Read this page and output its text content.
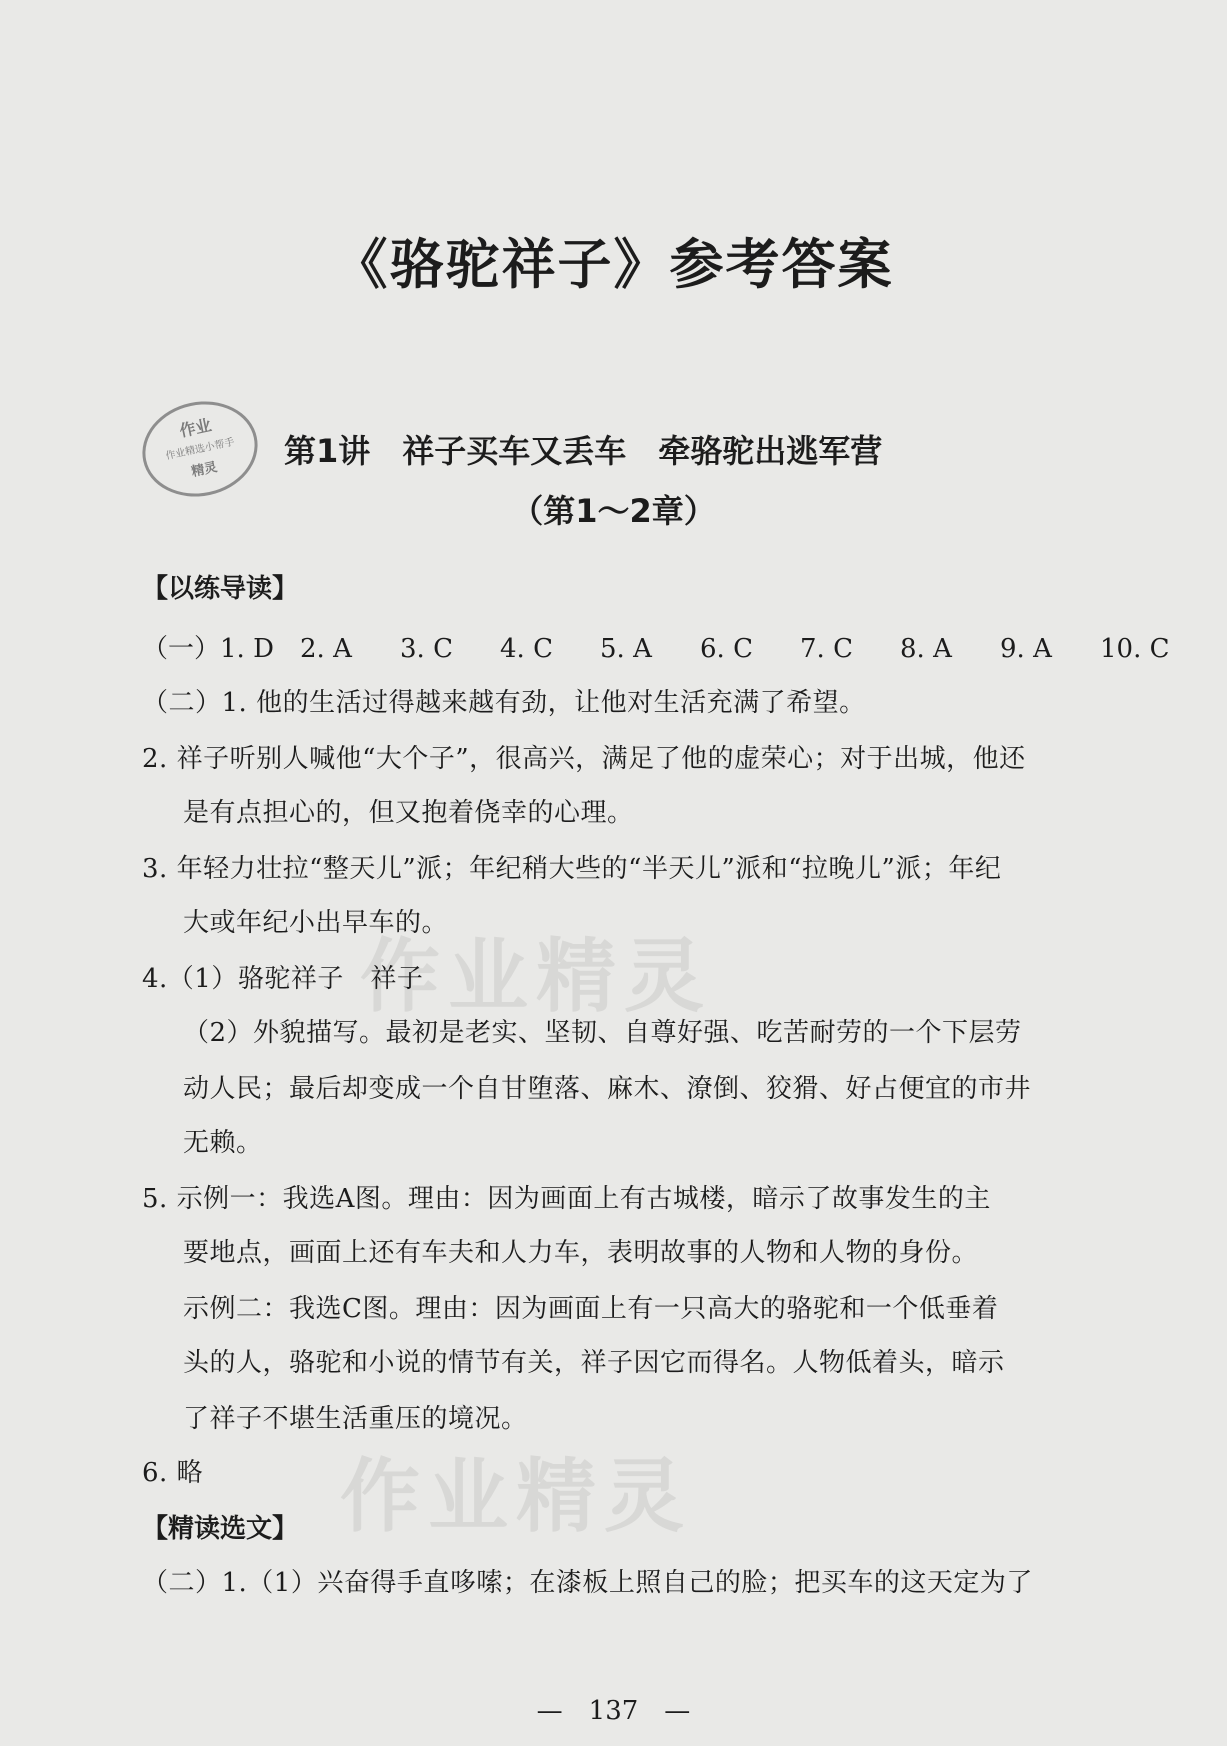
《骆驼祥子》参考答案
作业
作业精选小帮手
精灵
第1讲　祥子买车又丢车　牵骆驼出逃军营
（第1～2章）
【以练导读】
（一）1. D 2. A 3. C 4. C 5. A 6. C 7. C 8. A 9. A 10. C
（二）1. 他的生活过得越来越有劲，让他对生活充满了希望。
2. 祥子听别人喊他“大个子”，很高兴，满足了他的虚荣心；对于出城，他还
是有点担心的，但又抱着侥幸的心理。
3. 年轻力壮拉“整天儿”派；年纪稍大些的“半天儿”派和“拉晚儿”派；年纪
大或年纪小出早车的。
4.（1）骆驼祥子　祥子
（2）外貌描写。最初是老实、坚韧、自尊好强、吃苦耐劳的一个下层劳
动人民；最后却变成一个自甘堕落、麻木、潦倒、狡猾、好占便宜的市井
无赖。
5. 示例一：我选A图。理由：因为画面上有古城楼，暗示了故事发生的主
要地点，画面上还有车夫和人力车，表明故事的人物和人物的身份。
示例二：我选C图。理由：因为画面上有一只高大的骆驼和一个低垂着
头的人，骆驼和小说的情节有关，祥子因它而得名。人物低着头，暗示
了祥子不堪生活重压的境况。
6. 略
【精读选文】
（二）1.（1）兴奋得手直哆嗦；在漆板上照自己的脸；把买车的这天定为了
—　137　—
作业精灵
作业精灵
